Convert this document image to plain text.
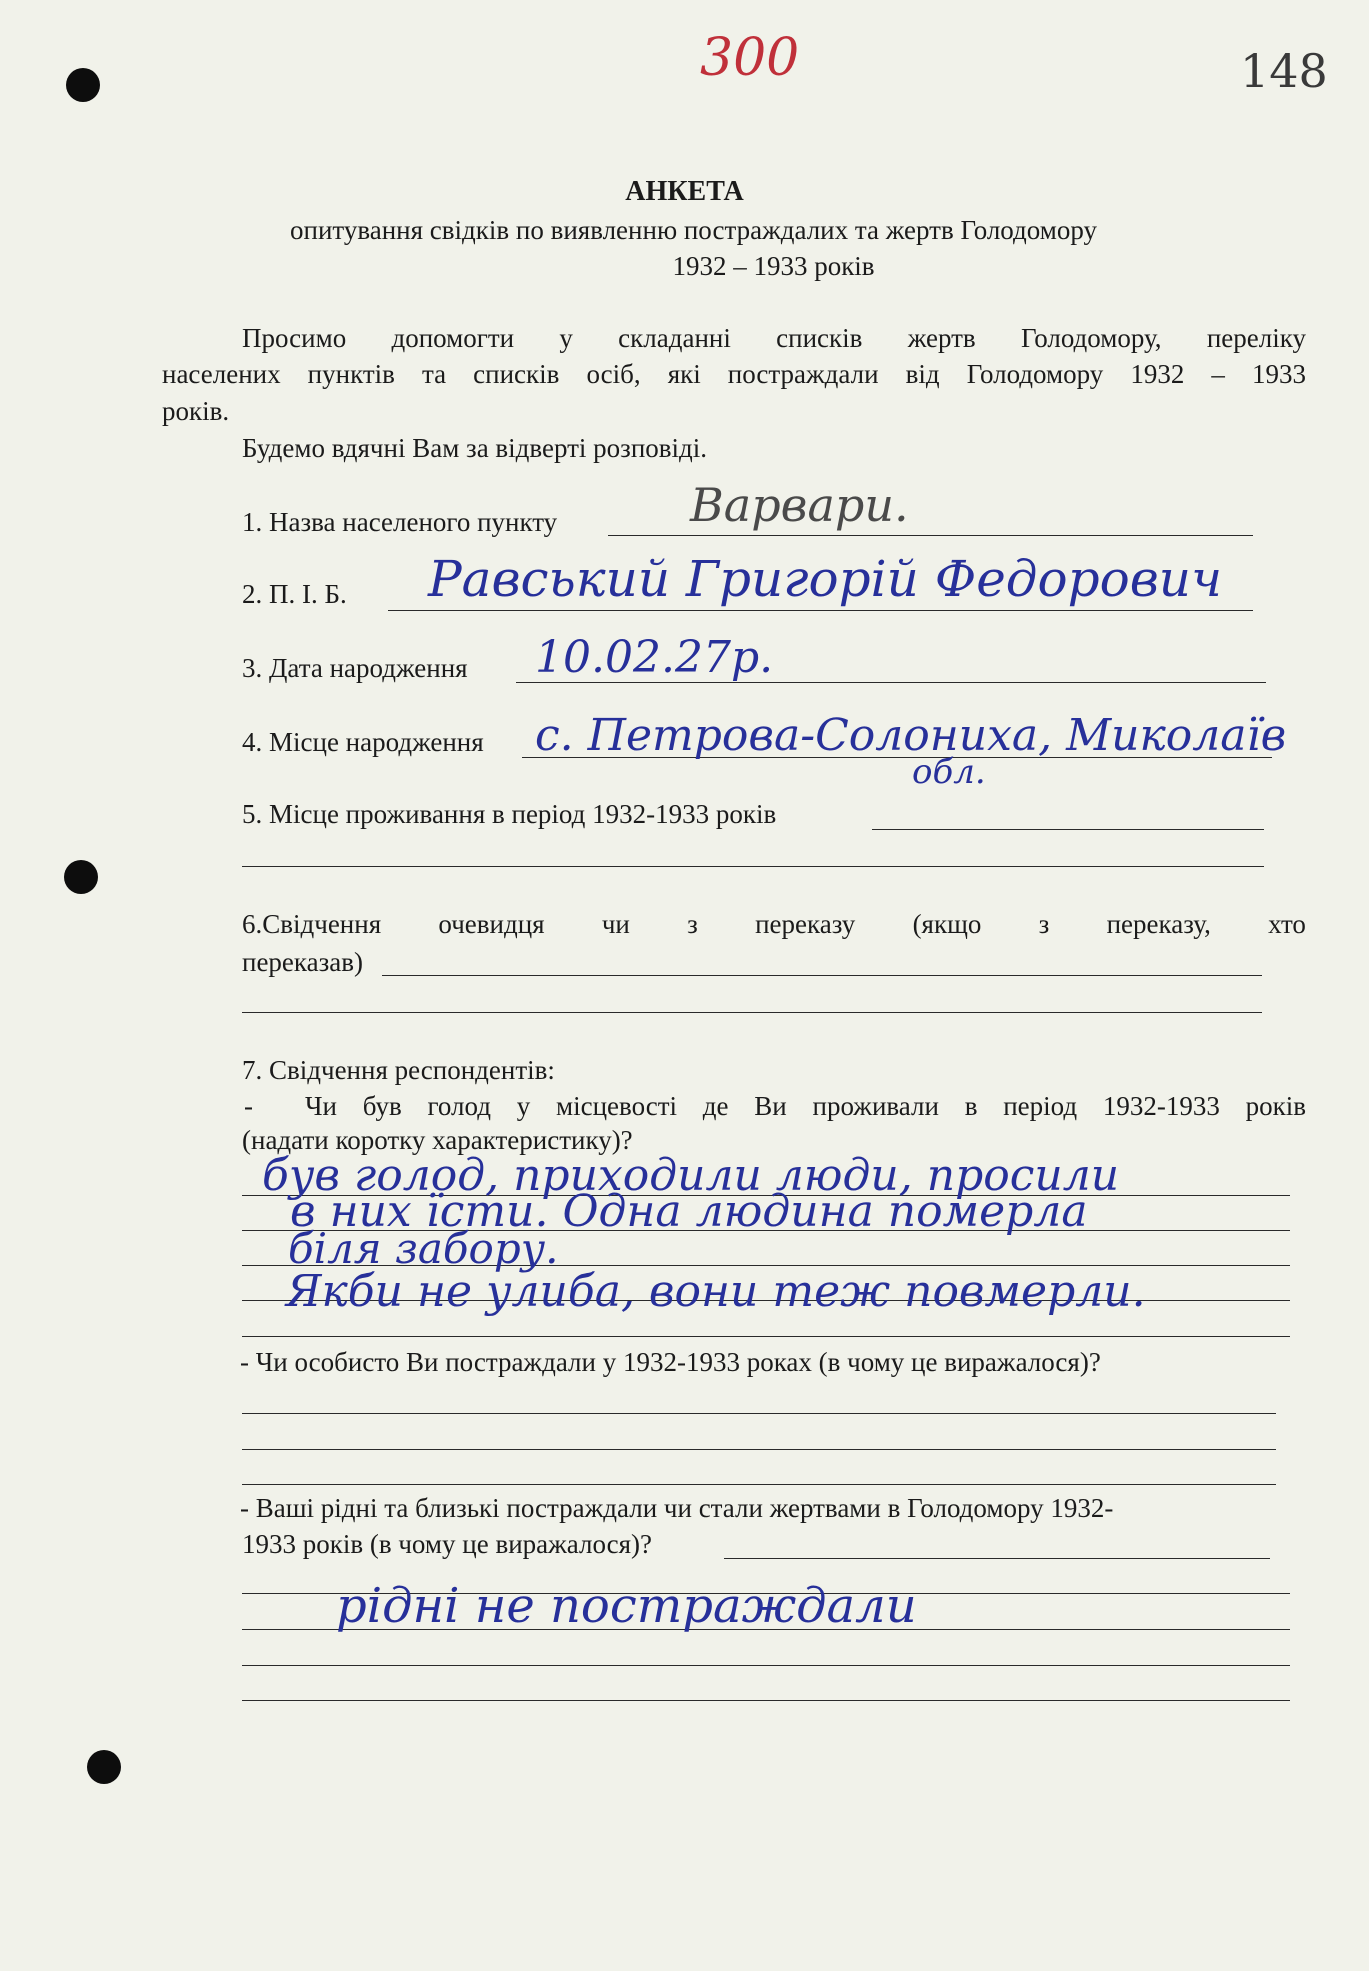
300	148
АНКЕТА
опитування свідків по виявленню постраждалих та жертв Голодомору
1932 – 1933 років
Просимо допомогти у складанні списків жертв Голодомору, переліку
населених пунктів та списків осіб, які постраждали від Голодомору 1932 – 1933
років.
Будемо вдячні Вам за відверті розповіді.
1. Назва населеного пункту	Варвари.
2. П. І. Б. Равський Григорій Федорович
3. Дата народження 10.02.27р.
4. Місце народження с. Петрова-Солониха, Миколаїв
обл.
5. Місце проживання в період 1932-1933 років
6.Свідчення очевидця чи з переказу (якщо з переказу, хто
переказав)
7. Свідчення респондентів:
- Чи був голод у місцевості де Ви проживали в період 1932-1933 років
(надати коротку характеристику)?
був голод, приходили люди, просили
в них їсти. Одна людина померла
біля забору.
Якби не улиба, вони теж повмерли.
- Чи особисто Ви постраждали у 1932-1933 роках (в чому це виражалося)?
- Ваші рідні та близькі постраждали чи стали жертвами в Голодомору 1932-
1933 років (в чому це виражалося)?
рідні не постраждали
